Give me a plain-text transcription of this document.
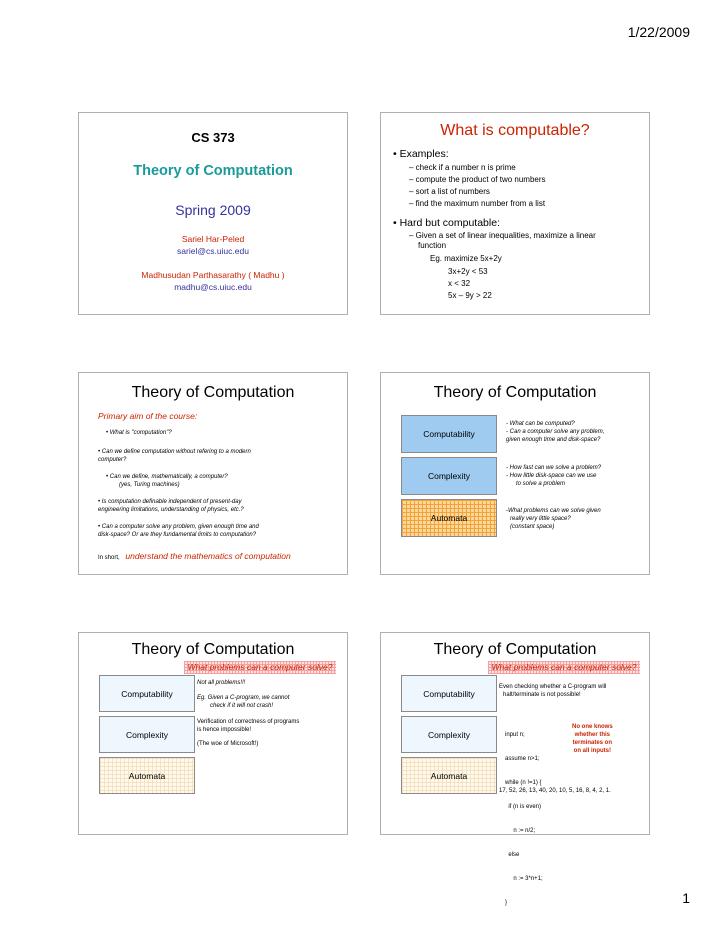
1/22/2009
1
CS 373
Theory of Computation
Spring 2009
Sariel Har-Peled
sariel@cs.uiuc.edu
Madhusudan Parthasarathy ( Madhu )
madhu@cs.uiuc.edu
What is computable?
• Examples:
– check if a number n is prime
– compute the product of two numbers
– sort a list of numbers
– find the maximum number from a list
• Hard but computable:
– Given a set of linear inequalities, maximize a linear
function
Eg. maximize 5x+2y
3x+2y < 53
x < 32
5x – 9y > 22
Theory of Computation
Primary aim of the course:
• What is "computation"?
• Can we define computation without refering to a modern
computer?
• Can we define, mathematically, a computer?
(yes, Turing machines)
• Is computation definable independent of present-day
engineering limitations, understanding of physics, etc.?
• Can a computer solve any problem, given enough time and
disk-space? Or are they fundamental limits to computation?
In short, understand the mathematics of computation
Theory of Computation
Computability
Complexity
Automata
- What can be computed?
- Can a computer solve any problem,
given enough time and disk-space?
- How fast can we solve a problem?
- How little disk-space can we use
to solve a problem
-What problems can we solve given
really very little space?
(constant space)
Theory of Computation
What problems can a computer solve?
Computability
Complexity
Automata
Not all problems!!!
Eg. Given a C-program, we cannot
check if it will not crash!
Verification of correctness of programs
is hence impossible!
(The woe of Microsoft!)
Theory of Computation
What problems can a computer solve?
Computability
Complexity
Automata
Even checking whether a C-program will
halt/terminate is not possible!

input n;

assume n>1;

while (n !=1) {

if (n is even)

n := n/2;

else

n := 3*n+1;

}

No one knows
whether this
terminates on
on all inputs!
17, 52, 26, 13, 40, 20, 10, 5, 16, 8, 4, 2, 1.
